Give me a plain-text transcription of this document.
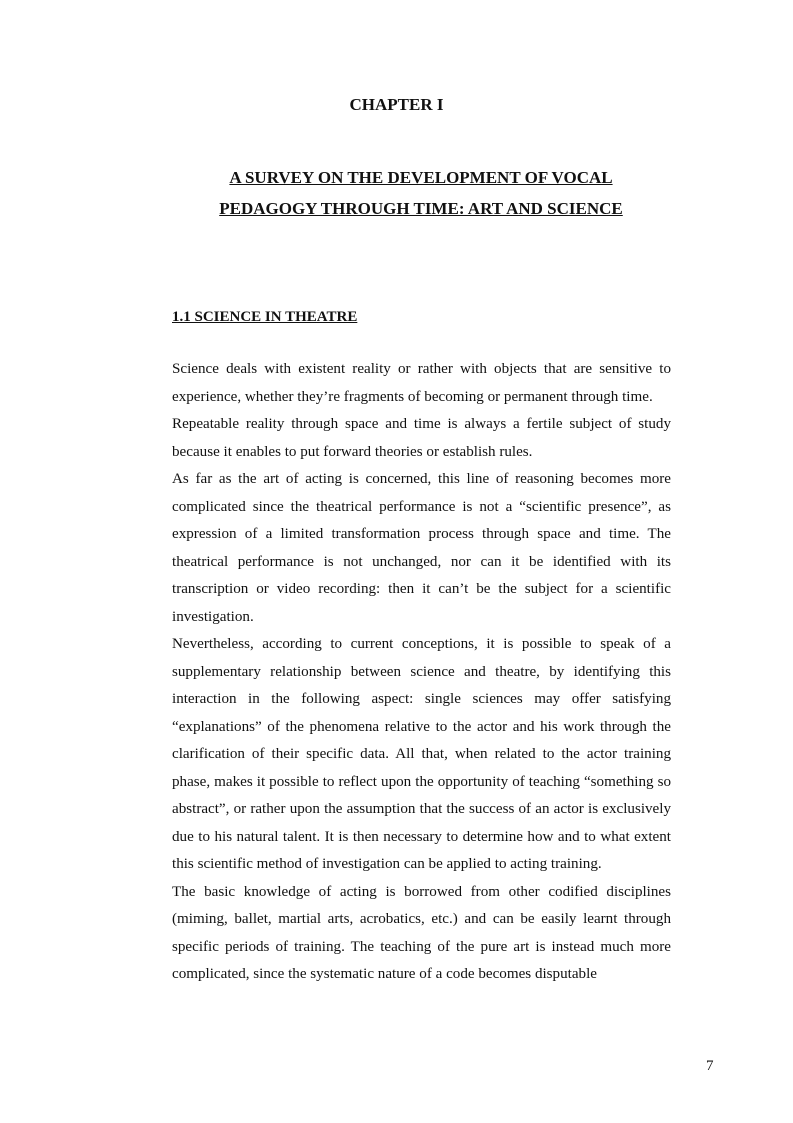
CHAPTER I
A SURVEY ON THE DEVELOPMENT OF VOCAL
PEDAGOGY THROUGH TIME: ART AND SCIENCE
1.1 SCIENCE IN THEATRE

Science deals with existent reality or rather with objects that are sensitive to experience, whether they’re fragments of becoming or permanent through time.

Repeatable reality through space and time is always a fertile subject of study because it enables to put forward theories or establish rules.

As far as the art of acting is concerned, this line of reasoning becomes more complicated since the theatrical performance is not a “scientific presence”, as expression of a limited transformation process through space and time. The theatrical performance is not unchanged, nor can it be identified with its transcription or video recording: then it can’t be the subject for a scientific investigation.

Nevertheless, according to current conceptions, it is possible to speak of a supplementary relationship between science and theatre, by identifying this interaction in the following aspect: single sciences may offer satisfying “explanations” of the phenomena relative to the actor and his work through the clarification of their specific data. All that, when related to the actor training phase, makes it possible to reflect upon the opportunity of teaching “something so abstract”, or rather upon the assumption that the success of an actor is exclusively due to his natural talent. It is then necessary to determine how and to what extent this scientific method of investigation can be applied to acting training.

The basic knowledge of acting is borrowed from other codified disciplines (miming, ballet, martial arts, acrobatics, etc.) and can be easily learnt through specific periods of training. The teaching of the pure art is instead much more complicated, since the systematic nature of a code becomes disputable

7
